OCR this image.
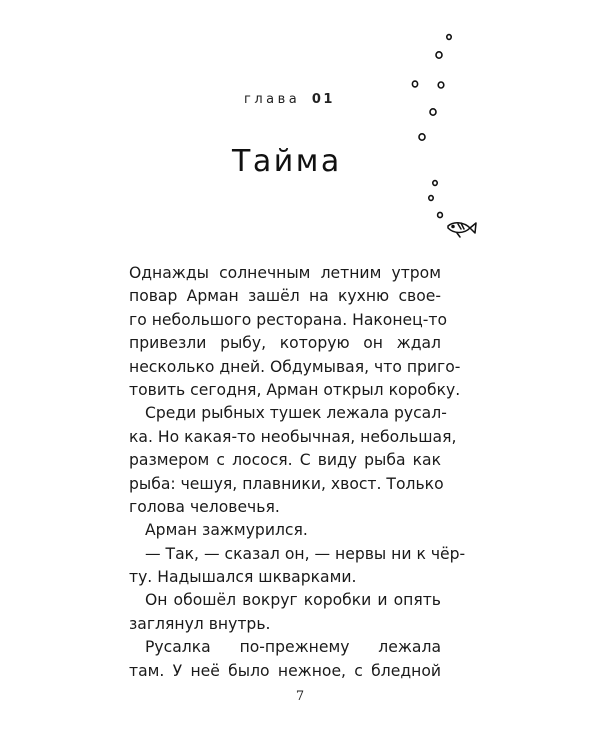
глава 01
Тайма
Однажды солнечным летним утром
повар Арман зашёл на кухню свое-
го небольшого ресторана. Наконец-то
привезли рыбу, которую он ждал
несколько дней. Обдумывая, что приго-
товить сегодня, Арман открыл коробку.
Среди рыбных тушек лежала русал-
ка. Но какая-то необычная, небольшая,
размером с лосося. С виду рыба как
рыба: чешуя, плавники, хвост. Только
голова человечья.
Арман зажмурился.
— Так, — сказал он, — нервы ни к чёр-
ту. Надышался шкварками.
Он обошёл вокруг коробки и опять
заглянул внутрь.
Русалка по-прежнему лежала
там. У неё было нежное, с бледной
7
